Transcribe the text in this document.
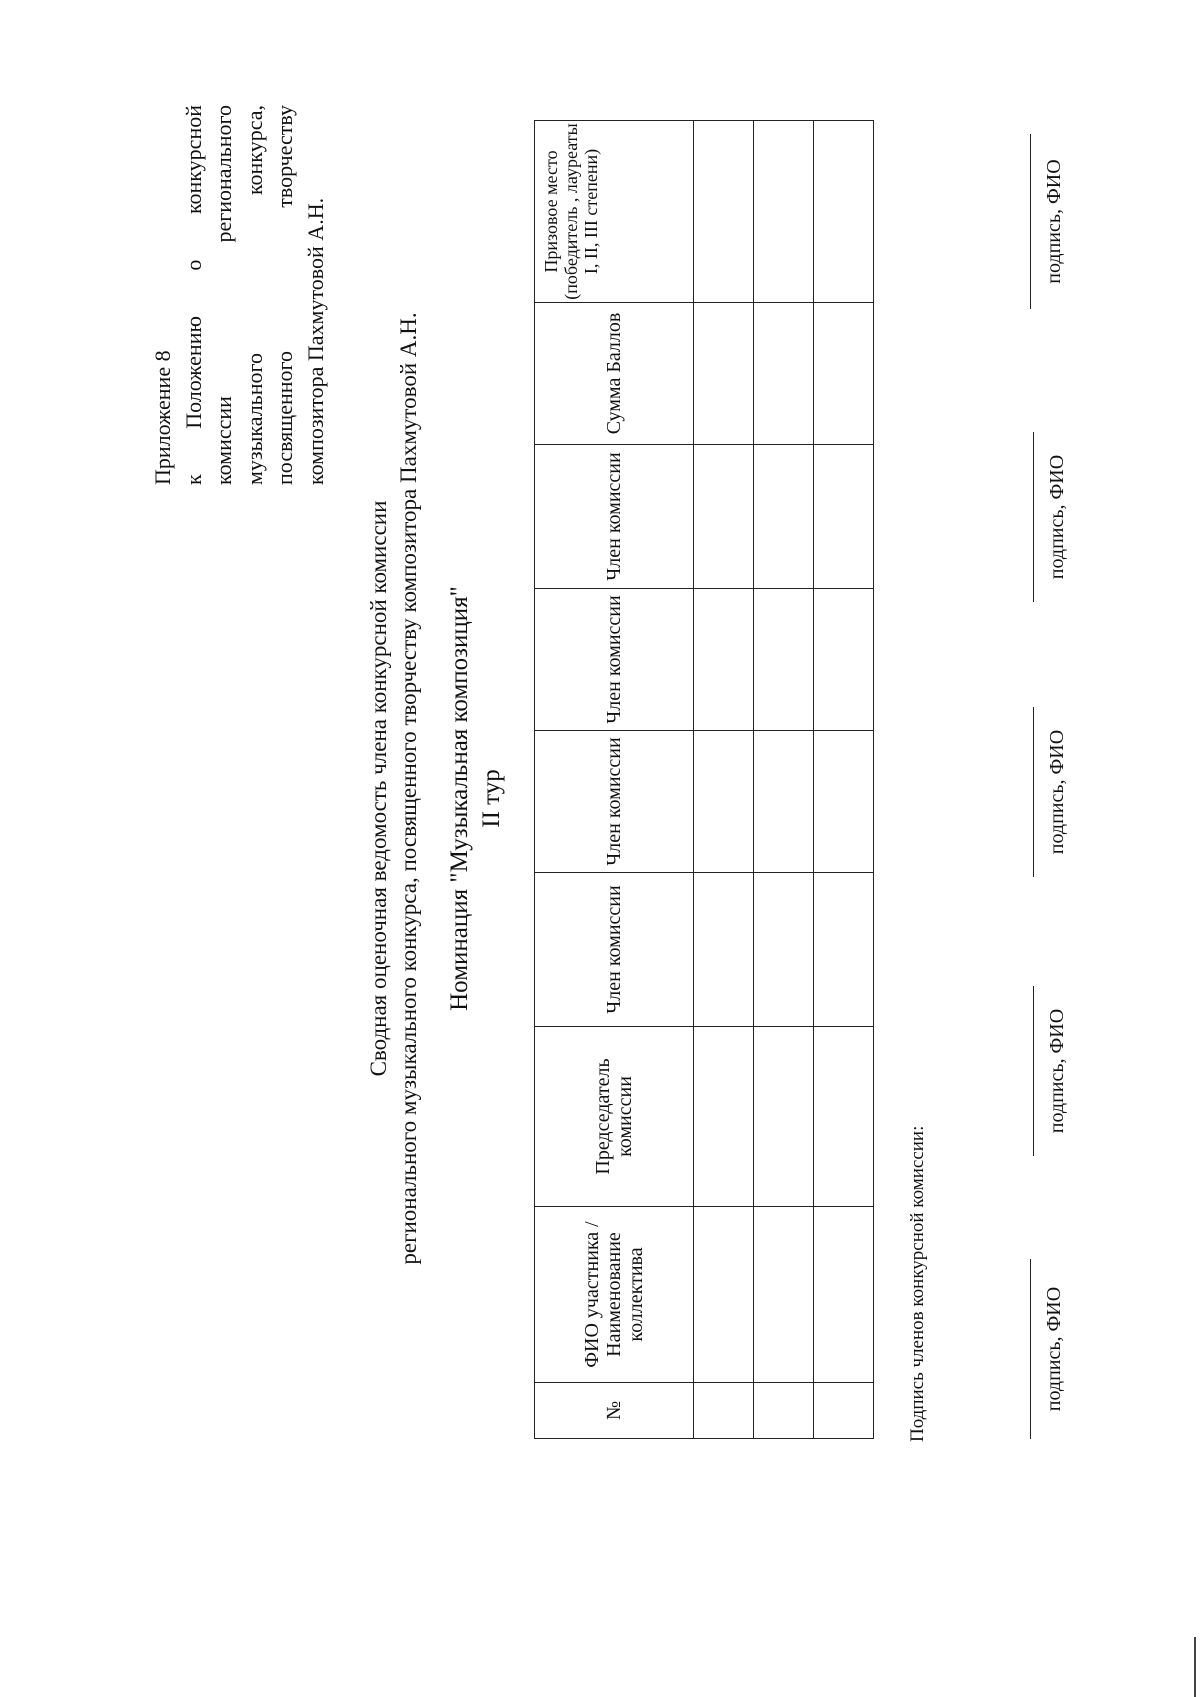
Приложение 8 к Положению о конкурсной комиссии регионального музыкального конкурса, посвященного творчеству композитора Пахмутовой А.Н.
Сводная оценочная ведомость члена конкурсной комиссии регионального музыкального конкурса, посвященного творчеству композитора Пахмутовой А.Н. Номинация "Музыкальная композиция" II тур
№	ФИО участника / Наименование коллектива	Председатель комиссии	Член комиссии	Член комиссии	Член комиссии	Член комиссии	Сумма Баллов	Призовое место (победитель , лауреаты I, II, III степени)

Подпись членов конкурсной комиссии:	подпись, ФИО
подпись, ФИО
подпись, ФИО
подпись, ФИО
подпись, ФИО
